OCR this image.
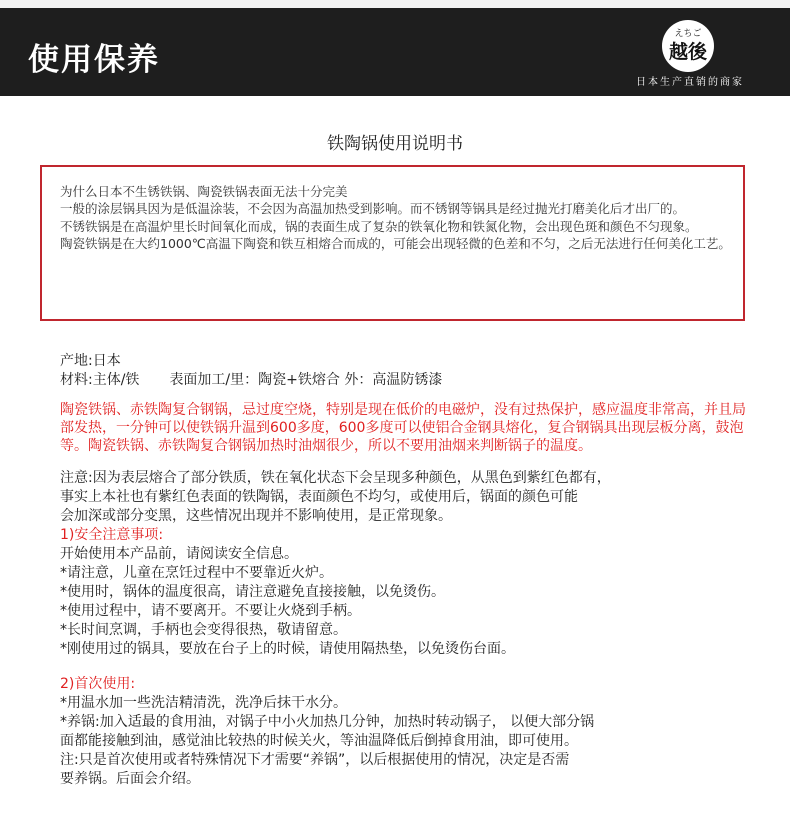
使用保养
えちご
越後
日本生产直销的商家
铁陶锅使用说明书

为什么日本不生锈铁锅、陶瓷铁锅表面无法十分完美

一般的涂层锅具因为是低温涂装，不会因为高温加热受到影响。而不锈钢等锅具是经过抛光打磨美化后才出厂的。

不锈铁锅是在高温炉里长时间氧化而成，锅的表面生成了复杂的铁氧化物和铁氮化物，会出现色斑和颜色不匀现象。

陶瓷铁锅是在大约1000℃高温下陶瓷和铁互相熔合而成的，可能会出现轻微的色差和不匀，之后无法进行任何美化工艺。

产地:日本

材料:主体/铁 表面加工/里：陶瓷+铁熔合 外：高温防锈漆

陶瓷铁锅、赤铁陶复合钢锅，忌过度空烧，特别是现在低价的电磁炉，没有过热保护，感应温度非常高，并且局部发热，一分钟可以使铁锅升温到600多度，600多度可以使铝合金钢具熔化，复合钢锅具出现层板分离，鼓泡等。陶瓷铁锅、赤铁陶复合钢锅加热时油烟很少，所以不要用油烟来判断锅子的温度。

注意:因为表层熔合了部分铁质，铁在氧化状态下会呈现多种颜色，从黑色到紫红色都有，

事实上本社也有紫红色表面的铁陶锅，表面颜色不均匀，或使用后，锅面的颜色可能

会加深或部分变黑，这些情况出现并不影响使用，是正常现象。

1)安全注意事项:

开始使用本产品前，请阅读安全信息。

*请注意，儿童在烹饪过程中不要靠近火炉。

*使用时，锅体的温度很高，请注意避免直接接触，以免烫伤。

*使用过程中，请不要离开。不要让火烧到手柄。

*长时间烹调，手柄也会变得很热，敬请留意。

*刚使用过的锅具，要放在台子上的时候，请使用隔热垫，以免烫伤台面。

2)首次使用:

*用温水加一些洗洁精清洗，洗净后抹干水分。

*养锅:加入适最的食用油，对锅子中小火加热几分钟，加热时转动锅子， 以便大部分锅

面都能接触到油，感觉油比较热的时候关火，等油温降低后倒掉食用油，即可使用。

注:只是首次使用或者特殊情况下才需要“养锅”，以后根据使用的情况，决定是否需

要养锅。后面会介绍。
